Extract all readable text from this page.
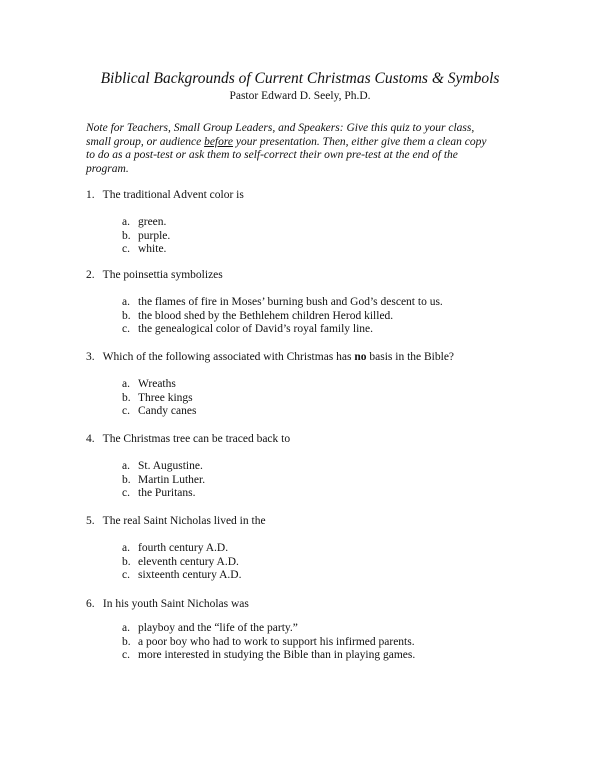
Biblical Backgrounds of Current Christmas Customs & Symbols
Pastor Edward D. Seely, Ph.D.
Note for Teachers, Small Group Leaders, and Speakers: Give this quiz to your class, small group, or audience before your presentation. Then, either give them a clean copy to do as a post-test or ask them to self-correct their own pre-test at the end of the program.
1. The traditional Advent color is
a. green.
b. purple.
c. white.
2. The poinsettia symbolizes
a. the flames of fire in Moses’ burning bush and God’s descent to us.
b. the blood shed by the Bethlehem children Herod killed.
c. the genealogical color of David’s royal family line.
3. Which of the following associated with Christmas has no basis in the Bible?
a. Wreaths
b. Three kings
c. Candy canes
4. The Christmas tree can be traced back to
a. St. Augustine.
b. Martin Luther.
c. the Puritans.
5. The real Saint Nicholas lived in the
a. fourth century A.D.
b. eleventh century A.D.
c. sixteenth century A.D.
6. In his youth Saint Nicholas was
a. playboy and the “life of the party.”
b. a poor boy who had to work to support his infirmed parents.
c. more interested in studying the Bible than in playing games.
